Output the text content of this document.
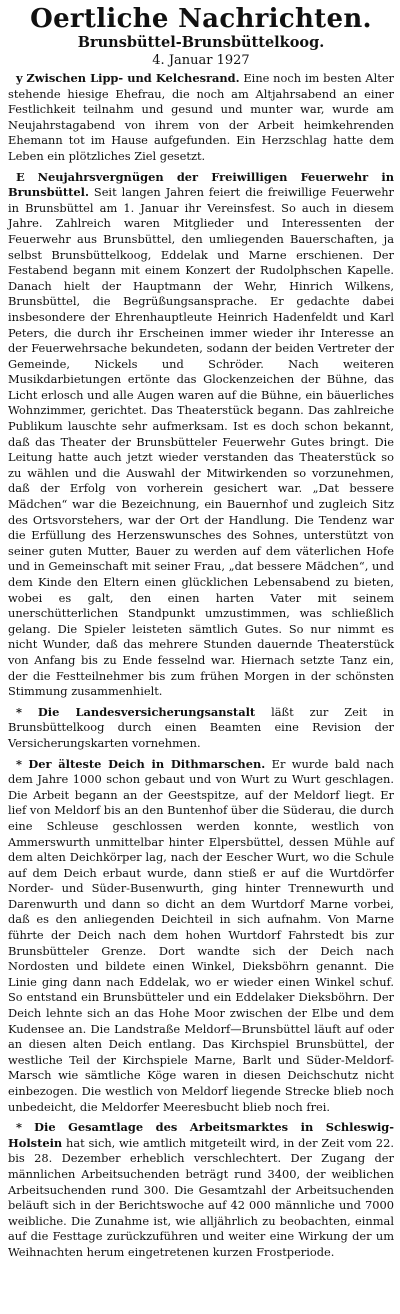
Oertliche Nachrichten.
Brunsbüttel-Brunsbüttelkoog.
4. Januar 1927

y Zwischen Lipp- und Kelchesrand. Eine noch im besten Alter stehende hiesige Ehefrau, die noch am Altjahrsabend an einer Festlichkeit teilnahm und gesund und munter war, wurde am Neujahrstagabend von ihrem von der Arbeit heimkehrenden Ehemann tot im Hause aufgefunden. Ein Herzschlag hatte dem Leben ein plötzliches Ziel gesetzt.

E Neujahrsvergnügen der Freiwilligen Feuerwehr in Brunsbüttel. Seit langen Jahren feiert die freiwillige Feuerwehr in Brunsbüttel am 1. Januar ihr Vereinsfest. So auch in diesem Jahre. Zahlreich waren Mitglieder und Interessenten der Feuerwehr aus Brunsbüttel, den umliegenden Bauerschaften, ja selbst Brunsbüttelkoog, Eddelak und Marne erschienen. Der Festabend begann mit einem Konzert der Rudolphschen Kapelle. Danach hielt der Hauptmann der Wehr, Hinrich Wilkens, Brunsbüttel, die Begrüßungsansprache. Er gedachte dabei insbesondere der Ehrenhauptleute Heinrich Hadenfeldt und Karl Peters, die durch ihr Erscheinen immer wieder ihr Interesse an der Feuerwehrsache bekundeten, sodann der beiden Vertreter der Gemeinde, Nickels und Schröder. Nach weiteren Musikdarbietungen ertönte das Glockenzeichen der Bühne, das Licht erlosch und alle Augen waren auf die Bühne, ein bäuerliches Wohnzimmer, gerichtet. Das Theaterstück begann. Das zahlreiche Publikum lauschte sehr aufmerksam. Ist es doch schon bekannt, daß das Theater der Brunsbütteler Feuerwehr Gutes bringt. Die Leitung hatte auch jetzt wieder verstanden das Theaterstück so zu wählen und die Auswahl der Mitwirkenden so vorzunehmen, daß der Erfolg von vorherein gesichert war. „Dat bessere Mädchen“ war die Bezeichnung, ein Bauernhof und zugleich Sitz des Ortsvorstehers, war der Ort der Handlung. Die Tendenz war die Erfüllung des Herzenswunsches des Sohnes, unterstützt von seiner guten Mutter, Bauer zu werden auf dem väterlichen Hofe und in Gemeinschaft mit seiner Frau, „dat bessere Mädchen“, und dem Kinde den Eltern einen glücklichen Lebensabend zu bieten, wobei es galt, den einen harten Vater mit seinem unerschütterlichen Standpunkt umzustimmen, was schließlich gelang. Die Spieler leisteten sämtlich Gutes. So nur nimmt es nicht Wunder, daß das mehrere Stunden dauernde Theaterstück von Anfang bis zu Ende fesselnd war. Hiernach setzte Tanz ein, der die Festteilnehmer bis zum frühen Morgen in der schönsten Stimmung zusammenhielt.

* Die Landesversicherungsanstalt läßt zur Zeit in Brunsbüttelkoog durch einen Beamten eine Revision der Versicherungskarten vornehmen.

* Der älteste Deich in Dithmarschen. Er wurde bald nach dem Jahre 1000 schon gebaut und von Wurt zu Wurt geschlagen. Die Arbeit begann an der Geestspitze, auf der Meldorf liegt. Er lief von Meldorf bis an den Buntenhof über die Süderau, die durch eine Schleuse geschlossen werden konnte, westlich von Ammerswurth unmittelbar hinter Elpersbüttel, dessen Mühle auf dem alten Deichkörper lag, nach der Eescher Wurt, wo die Schule auf dem Deich erbaut wurde, dann stieß er auf die Wurtdörfer Norder- und Süder-Busenwurth, ging hinter Trennewurth und Darenwurth und dann so dicht an dem Wurtdorf Marne vorbei, daß es den anliegenden Deichteil in sich aufnahm. Von Marne führte der Deich nach dem hohen Wurtdorf Fahrstedt bis zur Brunsbütteler Grenze. Dort wandte sich der Deich nach Nordosten und bildete einen Winkel, Dieksböhrn genannt. Die Linie ging dann nach Eddelak, wo er wieder einen Winkel schuf. So entstand ein Brunsbütteler und ein Eddelaker Dieksböhrn. Der Deich lehnte sich an das Hohe Moor zwischen der Elbe und dem Kudensee an. Die Landstraße Meldorf—Brunsbüttel läuft auf oder an diesen alten Deich entlang. Das Kirchspiel Brunsbüttel, der westliche Teil der Kirchspiele Marne, Barlt und Süder-Meldorf-Marsch wie sämtliche Köge waren in diesen Deichschutz nicht einbezogen. Die westlich von Meldorf liegende Strecke blieb noch unbedeicht, die Meldorfer Meeresbucht blieb noch frei.

* Die Gesamtlage des Arbeitsmarktes in Schleswig-Holstein hat sich, wie amtlich mitgeteilt wird, in der Zeit vom 22. bis 28. Dezember erheblich verschlechtert. Der Zugang der männlichen Arbeitsuchenden beträgt rund 3400, der weiblichen Arbeitsuchenden rund 300. Die Gesamtzahl der Arbeitsuchenden beläuft sich in der Berichtswoche auf 42 000 männliche und 7000 weibliche. Die Zunahme ist, wie alljährlich zu beobachten, einmal auf die Festtage zurückzuführen und weiter eine Wirkung der um Weihnachten herum eingetretenen kurzen Frostperiode.
